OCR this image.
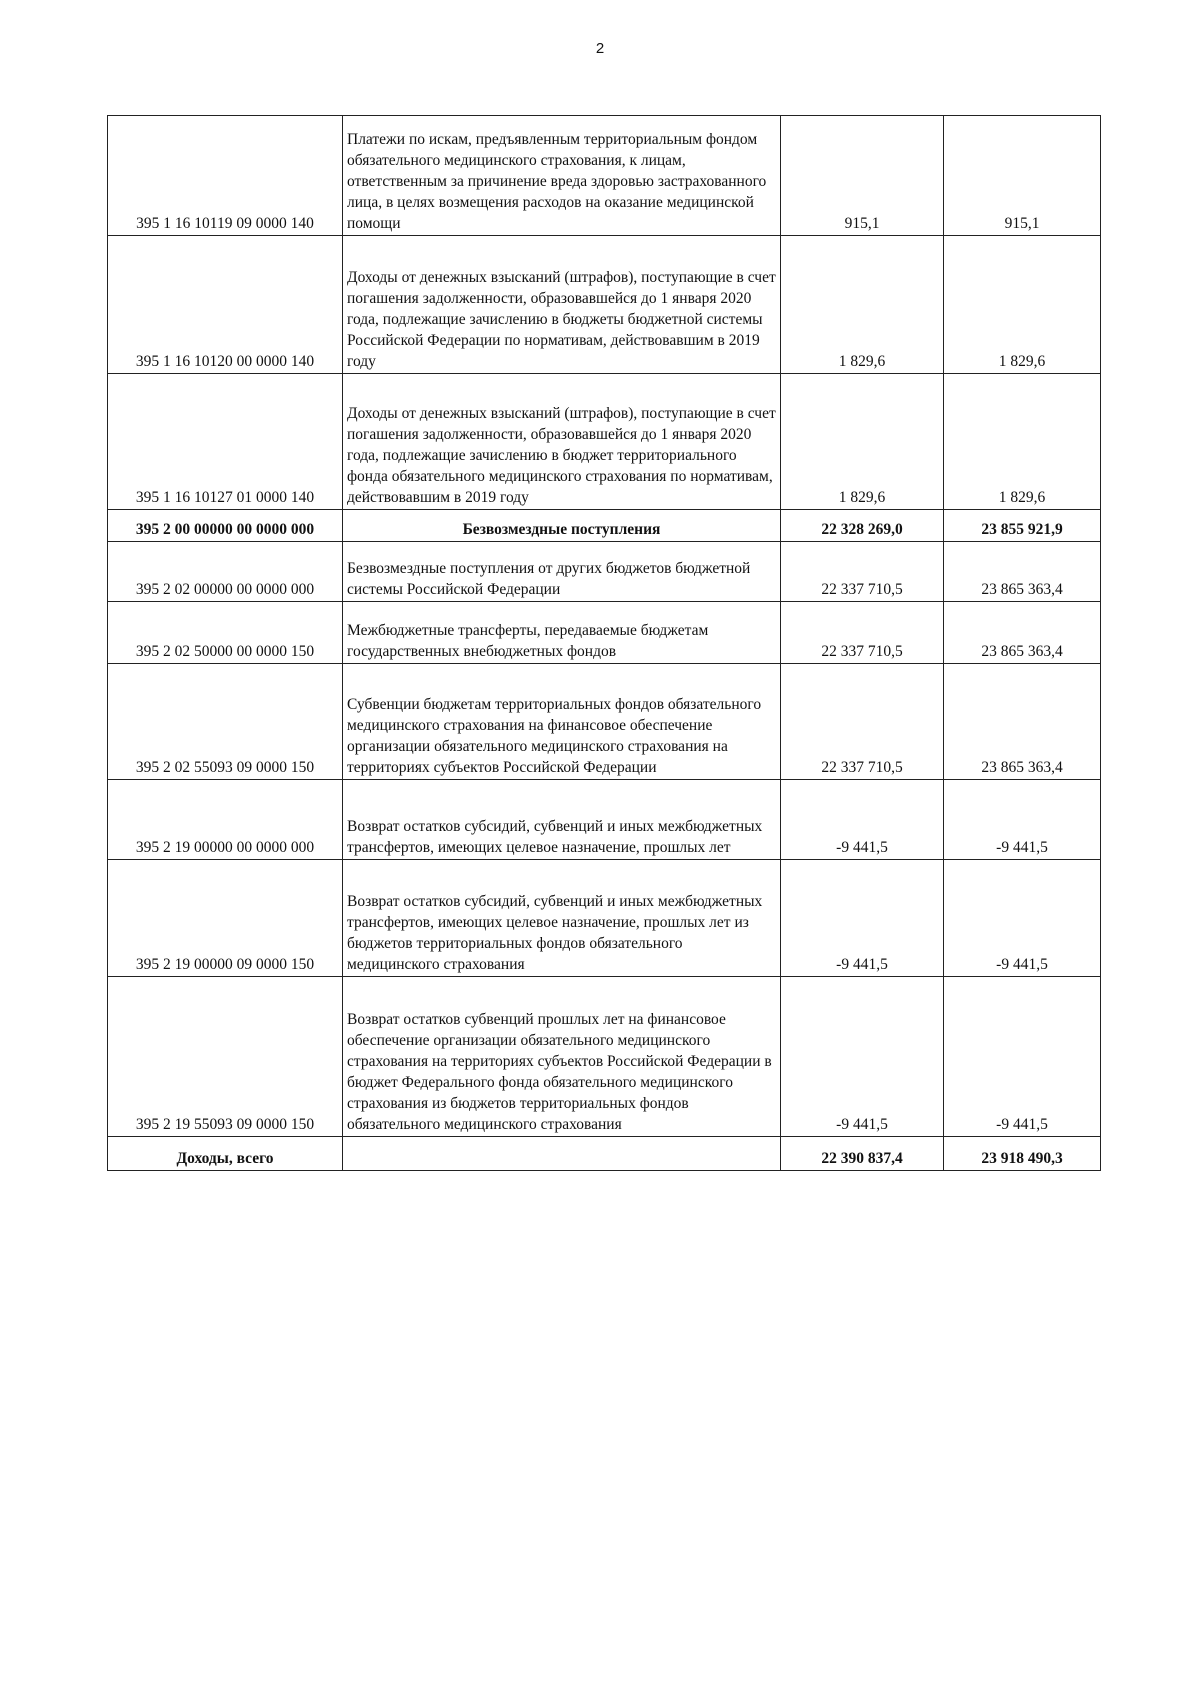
2
395 1 16 10119 09 0000 140	Платежи по искам, предъявленным территориальным фондом обязательного медицинского страхования, к лицам, ответственным за причинение вреда здоровью застрахованного лица, в целях возмещения расходов на оказание медицинской помощи	915,1	915,1
395 1 16 10120 00 0000 140	Доходы от денежных взысканий (штрафов), поступающие в счет погашения задолженности, образовавшейся до 1 января 2020 года, подлежащие зачислению в бюджеты бюджетной системы Российской Федерации по нормативам, действовавшим в 2019 году	1 829,6	1 829,6
395 1 16 10127 01 0000 140	Доходы от денежных взысканий (штрафов), поступающие в счет погашения задолженности, образовавшейся до 1 января 2020 года, подлежащие зачислению в бюджет территориального фонда обязательного медицинского страхования по нормативам, действовавшим в 2019 году	1 829,6	1 829,6
395 2 00 00000 00 0000 000	Безвозмездные поступления	22 328 269,0	23 855 921,9
395 2 02 00000 00 0000 000	Безвозмездные поступления от других бюджетов бюджетной системы Российской Федерации	22 337 710,5	23 865 363,4
395 2 02 50000 00 0000 150	Межбюджетные трансферты, передаваемые бюджетам государственных внебюджетных фондов	22 337 710,5	23 865 363,4
395 2 02 55093 09 0000 150	Субвенции бюджетам территориальных фондов обязательного медицинского страхования на финансовое обеспечение организации обязательного медицинского страхования на территориях субъектов Российской Федерации	22 337 710,5	23 865 363,4
395 2 19 00000 00 0000 000	Возврат остатков субсидий, субвенций и иных межбюджетных трансфертов, имеющих целевое назначение, прошлых лет	-9 441,5	-9 441,5
395 2 19 00000 09 0000 150	Возврат остатков субсидий, субвенций и иных межбюджетных трансфертов, имеющих целевое назначение, прошлых лет из бюджетов территориальных фондов обязательного медицинского страхования	-9 441,5	-9 441,5
395 2 19 55093 09 0000 150	Возврат остатков субвенций прошлых лет на финансовое обеспечение организации обязательного медицинского страхования на территориях субъектов Российской Федерации в бюджет Федерального фонда обязательного медицинского страхования из бюджетов территориальных фондов обязательного медицинского страхования	-9 441,5	-9 441,5
Доходы, всего		22 390 837,4	23 918 490,3
